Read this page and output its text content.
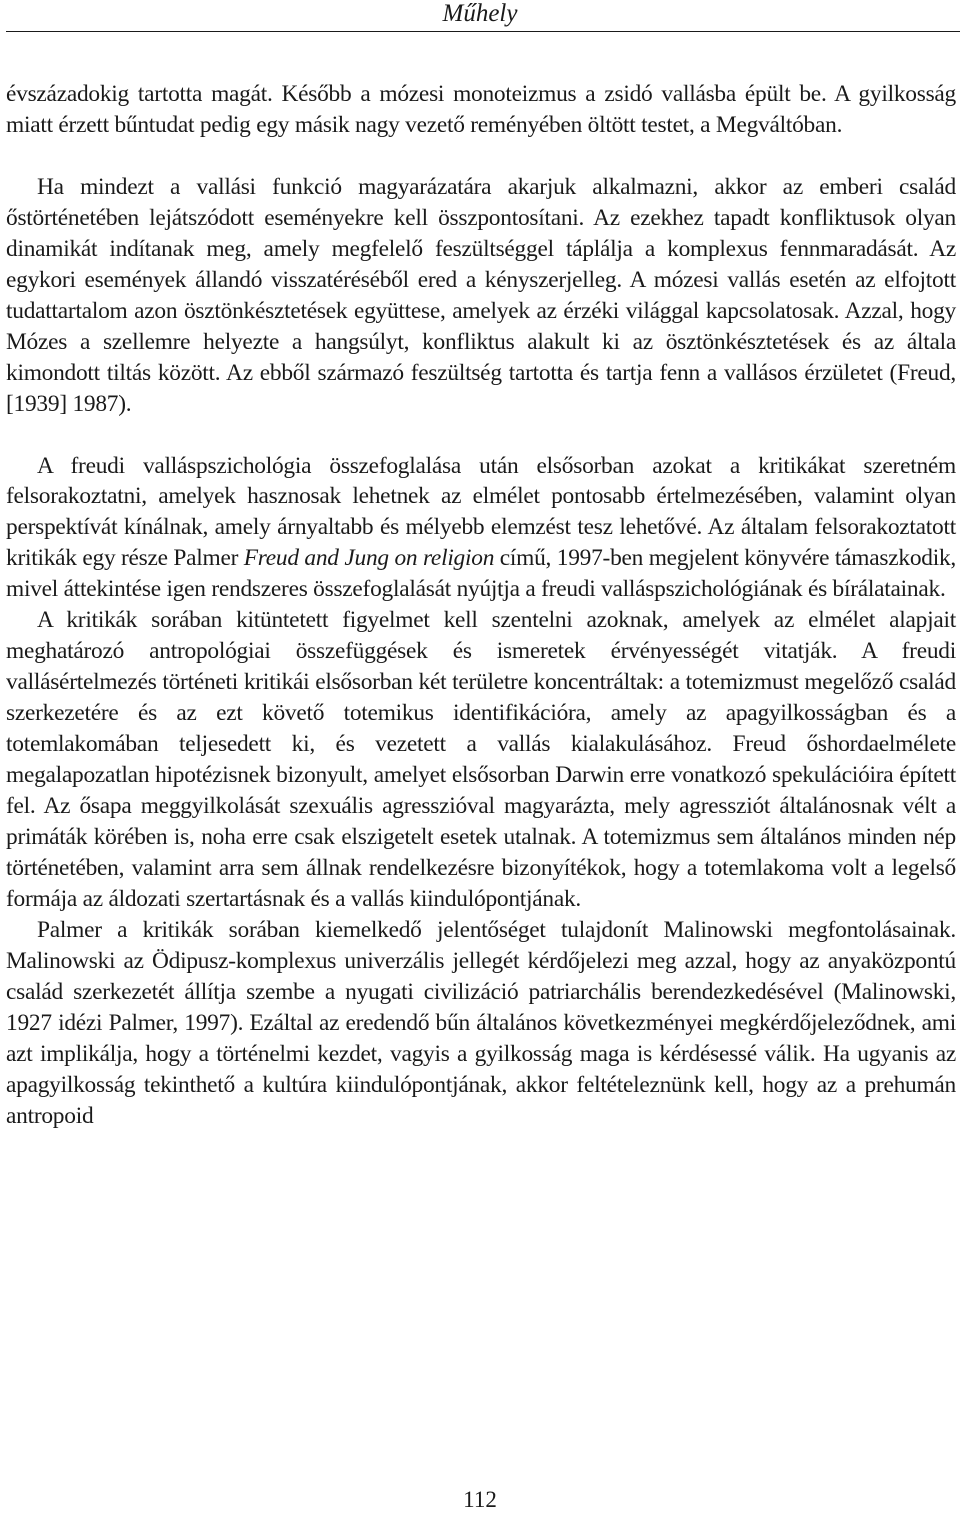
Műhely

évszázadokig tartotta magát. Később a mózesi monoteizmus a zsidó vallásba épült be. A gyilkosság miatt érzett bűntudat pedig egy másik nagy vezető reményében öltött testet, a Megváltóban.

Ha mindezt a vallási funkció magyarázatára akarjuk alkalmazni, akkor az emberi család őstörténetében lejátszódott eseményekre kell összpontosítani. Az ezekhez tapadt konfliktusok olyan dinamikát indítanak meg, amely megfelelő feszültséggel táplálja a komplexus fennmaradását. Az egykori események állandó visszatéréséből ered a kényszerjelleg. A mózesi vallás esetén az elfojtott tudattartalom azon ösztönkésztetések együttese, amelyek az érzéki világgal kapcsolatosak. Azzal, hogy Mózes a szellemre helyezte a hangsúlyt, konfliktus alakult ki az ösztönkésztetések és az általa kimondott tiltás között. Az ebből származó feszültség tartotta és tartja fenn a vallásos érzületet (Freud, [1939] 1987).

A freudi valláspszichológia összefoglalása után elsősorban azokat a kritikákat szeretném felsorakoztatni, amelyek hasznosak lehetnek az elmélet pontosabb értelmezésében, valamint olyan perspektívát kínálnak, amely árnyaltabb és mélyebb elemzést tesz lehetővé. Az általam felsorakoztatott kritikák egy része Palmer Freud and Jung on religion című, 1997-ben megjelent könyvére támaszkodik, mivel áttekintése igen rendszeres összefoglalását nyújtja a freudi valláspszichológiának és bírálatainak.

A kritikák sorában kitüntetett figyelmet kell szentelni azoknak, amelyek az elmélet alapjait meghatározó antropológiai összefüggések és ismeretek érvényességét vitatják. A freudi vallásértelmezés történeti kritikái elsősorban két területre koncentráltak: a totemizmust megelőző család szerkezetére és az ezt követő totemikus identifikációra, amely az apagyilkosságban és a totemlakomában teljesedett ki, és vezetett a vallás kialakulásához. Freud őshordaelmélete megalapozatlan hipotézisnek bizonyult, amelyet elsősorban Darwin erre vonatkozó spekulációira épített fel. Az ősapa meggyilkolását szexuális agresszióval magyarázta, mely agressziót általánosnak vélt a primáták körében is, noha erre csak elszigetelt esetek utalnak. A totemizmus sem általános minden nép történetében, valamint arra sem állnak rendelkezésre bizonyítékok, hogy a totemlakoma volt a legelső formája az áldozati szertartásnak és a vallás kiindulópontjának.

Palmer a kritikák sorában kiemelkedő jelentőséget tulajdonít Malinowski megfontolásainak. Malinowski az Ödipusz-komplexus univerzális jellegét kérdőjelezi meg azzal, hogy az anyaközpontú család szerkezetét állítja szembe a nyugati civilizáció patriarchális berendezkedésével (Malinowski, 1927 idézi Palmer, 1997). Ezáltal az eredendő bűn általános következményei megkérdőjeleződnek, ami azt implikálja, hogy a történelmi kezdet, vagyis a gyilkosság maga is kérdésessé válik. Ha ugyanis az apagyilkosság tekinthető a kultúra kiindulópontjának, akkor feltételeznünk kell, hogy az a prehumán antropoid

112
